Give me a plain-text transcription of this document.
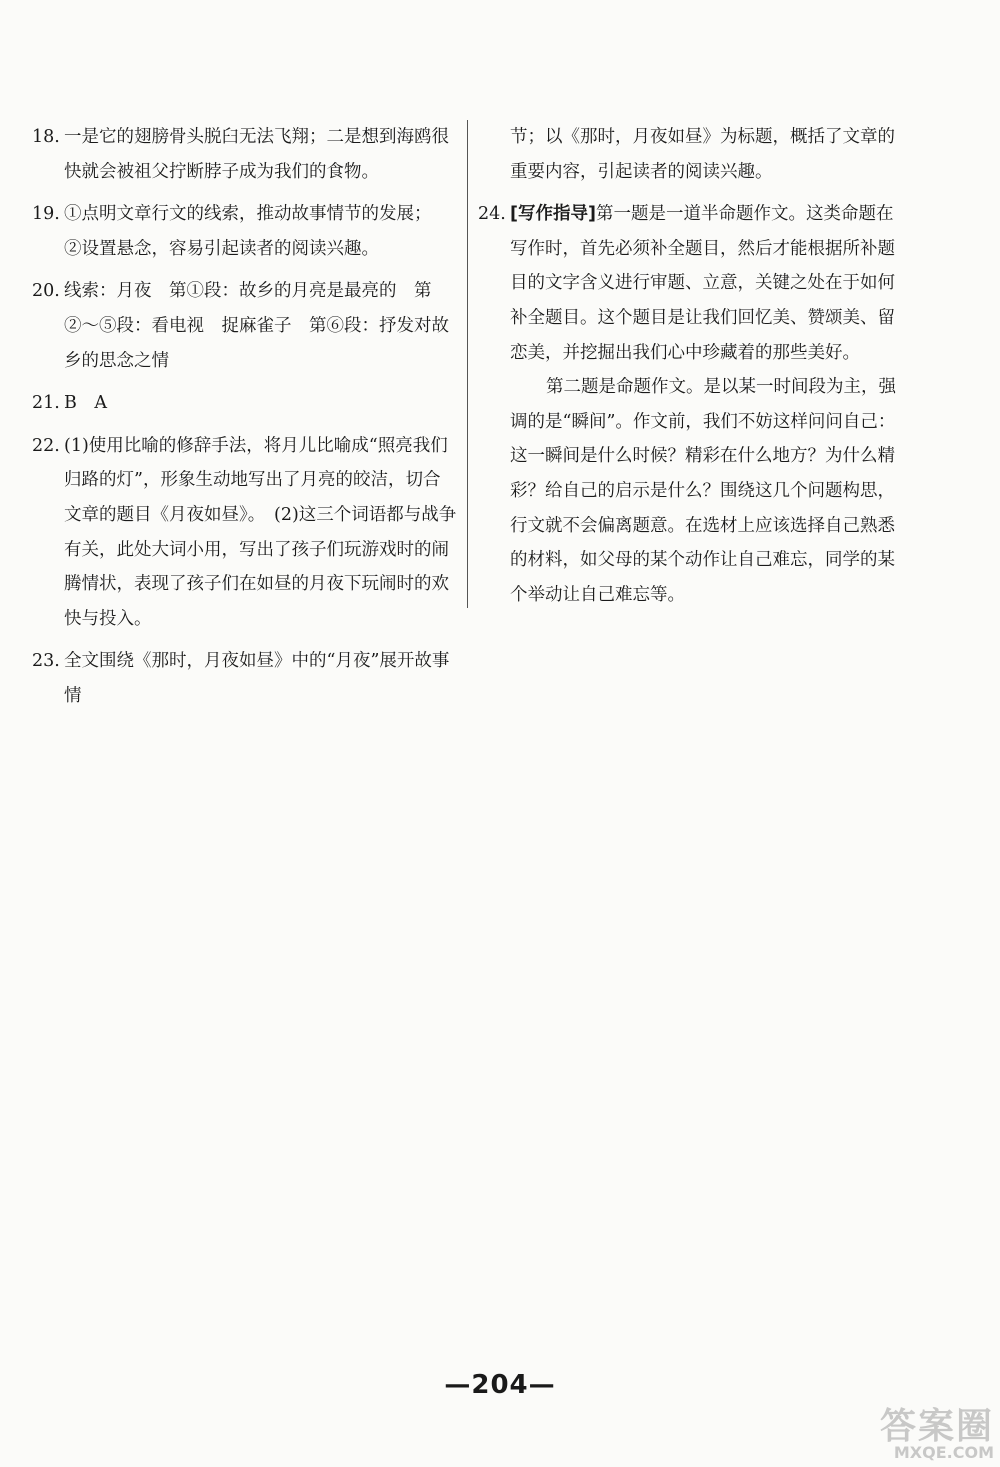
18. 一是它的翅膀骨头脱臼无法飞翔；二是想到海鸥很快就会被祖父拧断脖子成为我们的食物。
19. ①点明文章行文的线索，推动故事情节的发展；
②设置悬念，容易引起读者的阅读兴趣。
20. 线索：月夜　第①段：故乡的月亮是最亮的　第
②～⑤段：看电视　捉麻雀子　第⑥段：抒发对故
乡的思念之情
21. B　A
22. (1)使用比喻的修辞手法，将月儿比喻成“照亮我们归路的灯”，形象生动地写出了月亮的皎洁，切合文章的题目《月夜如昼》。　(2)这三个词语都与战争有关，此处大词小用，写出了孩子们玩游戏时的闹腾情状，表现了孩子们在如昼的月夜下玩闹时的欢快与投入。
23. 全文围绕《那时，月夜如昼》中的“月夜”展开故事情
节；以《那时，月夜如昼》为标题，概括了文章的重要内容，引起读者的阅读兴趣。
24. [写作指导]第一题是一道半命题作文。这类命题在写作时，首先必须补全题目，然后才能根据所补题目的文字含义进行审题、立意，关键之处在于如何补全题目。这个题目是让我们回忆美、赞颂美、留恋美，并挖掘出我们心中珍藏着的那些美好。
第二题是命题作文。是以某一时间段为主，强调的是“瞬间”。作文前，我们不妨这样问问自己：这一瞬间是什么时候？精彩在什么地方？为什么精彩？给自己的启示是什么？围绕这几个问题构思，行文就不会偏离题意。在选材上应该选择自己熟悉的材料，如父母的某个动作让自己难忘，同学的某个举动让自己难忘等。
—204—
答案圈
MXQE.COM
